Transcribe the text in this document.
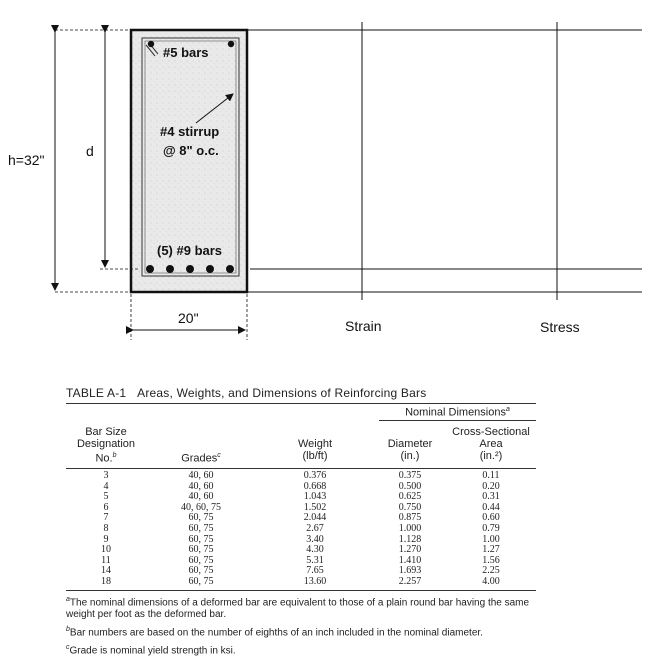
#5 bars
#4 stirrup
@ 8" o.c.
(5) #9 bars
h=32"
d
20"	Strain	Stress
TABLE A-1 Areas, Weights, and Dimensions of Reinforcing Bars
Nominal Dimensions$^a$
Bar Size
Designation
No.$^b$	Grades$^c$
Weight
(lb/ft)
Diameter
(in.)
Cross-Sectional
Area
(in.²)
3	40, 60	0.376	0.375	0.11
4	40, 60	0.668	0.500	0.20
5	40, 60	1.043	0.625	0.31
6	40, 60, 75	1.502	0.750	0.44
7	60, 75	2.044	0.875	0.60
8	60, 75	2.67	1.000	0.79
9	60, 75	3.40	1.128	1.00
10	60, 75	4.30	1.270	1.27
11	60, 75	5.31	1.410	1.56
14	60, 75	7.65	1.693	2.25
18	60, 75	13.60	2.257	4.00

$^a$The nominal dimensions of a deformed bar are equivalent to those of a plain round bar having the same weight per foot as the deformed bar.

$^b$Bar numbers are based on the number of eighths of an inch included in the nominal diameter.

$^c$Grade is nominal yield strength in ksi.
